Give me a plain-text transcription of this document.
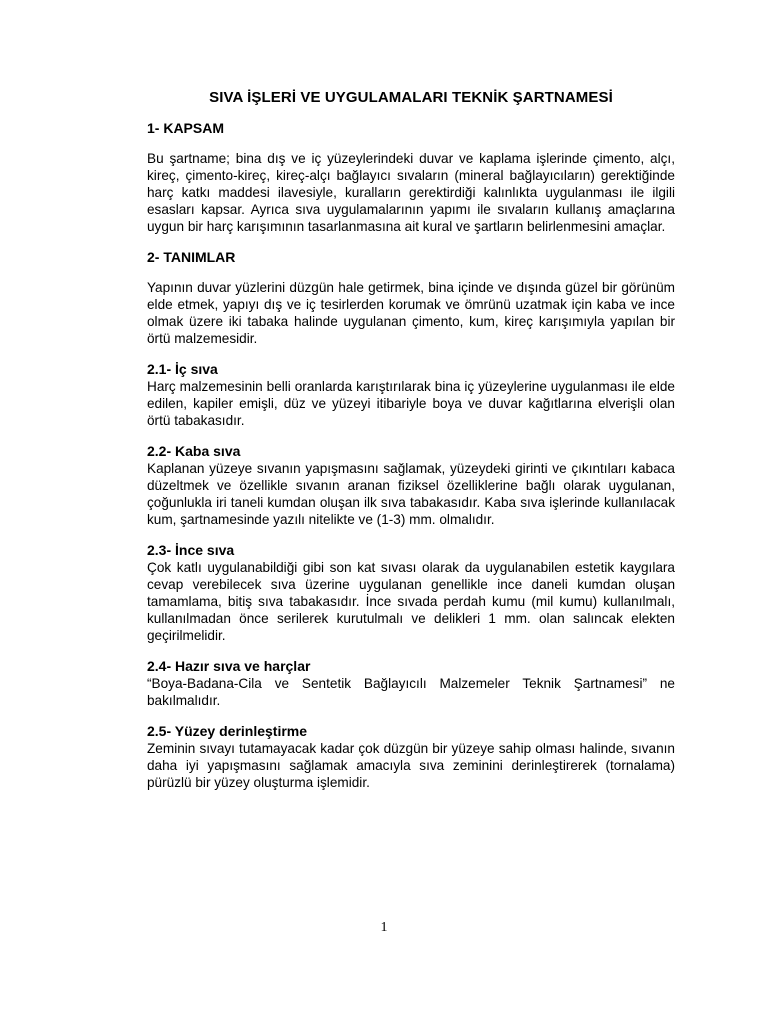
SIVA İŞLERİ VE UYGULAMALARI TEKNİK ŞARTNAMESİ
1- KAPSAM
Bu şartname; bina dış ve iç yüzeylerindeki duvar ve kaplama işlerinde çimento, alçı, kireç, çimento-kireç, kireç-alçı bağlayıcı sıvaların (mineral bağlayıcıların) gerektiğinde harç katkı maddesi ilavesiyle, kuralların gerektirdiği kalınlıkta uygulanması ile ilgili esasları kapsar. Ayrıca sıva uygulamalarının yapımı ile sıvaların kullanış amaçlarına uygun bir harç karışımının tasarlanmasına ait kural ve şartların belirlenmesini amaçlar.
2- TANIMLAR
Yapının duvar yüzlerini düzgün hale getirmek, bina içinde ve dışında güzel bir görünüm elde etmek, yapıyı dış ve iç tesirlerden korumak ve ömrünü uzatmak için kaba ve ince olmak üzere iki tabaka halinde uygulanan çimento, kum, kireç karışımıyla yapılan bir örtü malzemesidir.
2.1- İç sıva
Harç malzemesinin belli oranlarda karıştırılarak bina iç yüzeylerine uygulanması ile elde edilen, kapiler emişli, düz ve yüzeyi itibariyle boya ve duvar kağıtlarına elverişli olan örtü tabakasıdır.
2.2- Kaba sıva
Kaplanan yüzeye sıvanın yapışmasını sağlamak, yüzeydeki girinti ve çıkıntıları kabaca düzeltmek ve özellikle sıvanın aranan fiziksel özelliklerine bağlı olarak uygulanan, çoğunlukla iri taneli kumdan oluşan ilk sıva tabakasıdır. Kaba sıva işlerinde kullanılacak kum, şartnamesinde yazılı nitelikte ve (1-3) mm. olmalıdır.
2.3- İnce sıva
Çok katlı uygulanabildiği gibi son kat sıvası olarak da uygulanabilen estetik kaygılara cevap verebilecek sıva üzerine uygulanan genellikle ince daneli kumdan oluşan tamamlama, bitiş sıva tabakasıdır. İnce sıvada perdah kumu (mil kumu) kullanılmalı, kullanılmadan önce serilerek kurutulmalı ve delikleri 1 mm. olan salıncak elekten geçirilmelidir.
2.4- Hazır sıva ve harçlar
“Boya-Badana-Cila ve Sentetik Bağlayıcılı Malzemeler Teknik Şartnamesi” ne bakılmalıdır.
2.5- Yüzey derinleştirme
Zeminin sıvayı tutamayacak kadar çok düzgün bir yüzeye sahip olması halinde, sıvanın daha iyi yapışmasını sağlamak amacıyla sıva zeminini derinleştirerek (tornalama) pürüzlü bir yüzey oluşturma işlemidir.
1
